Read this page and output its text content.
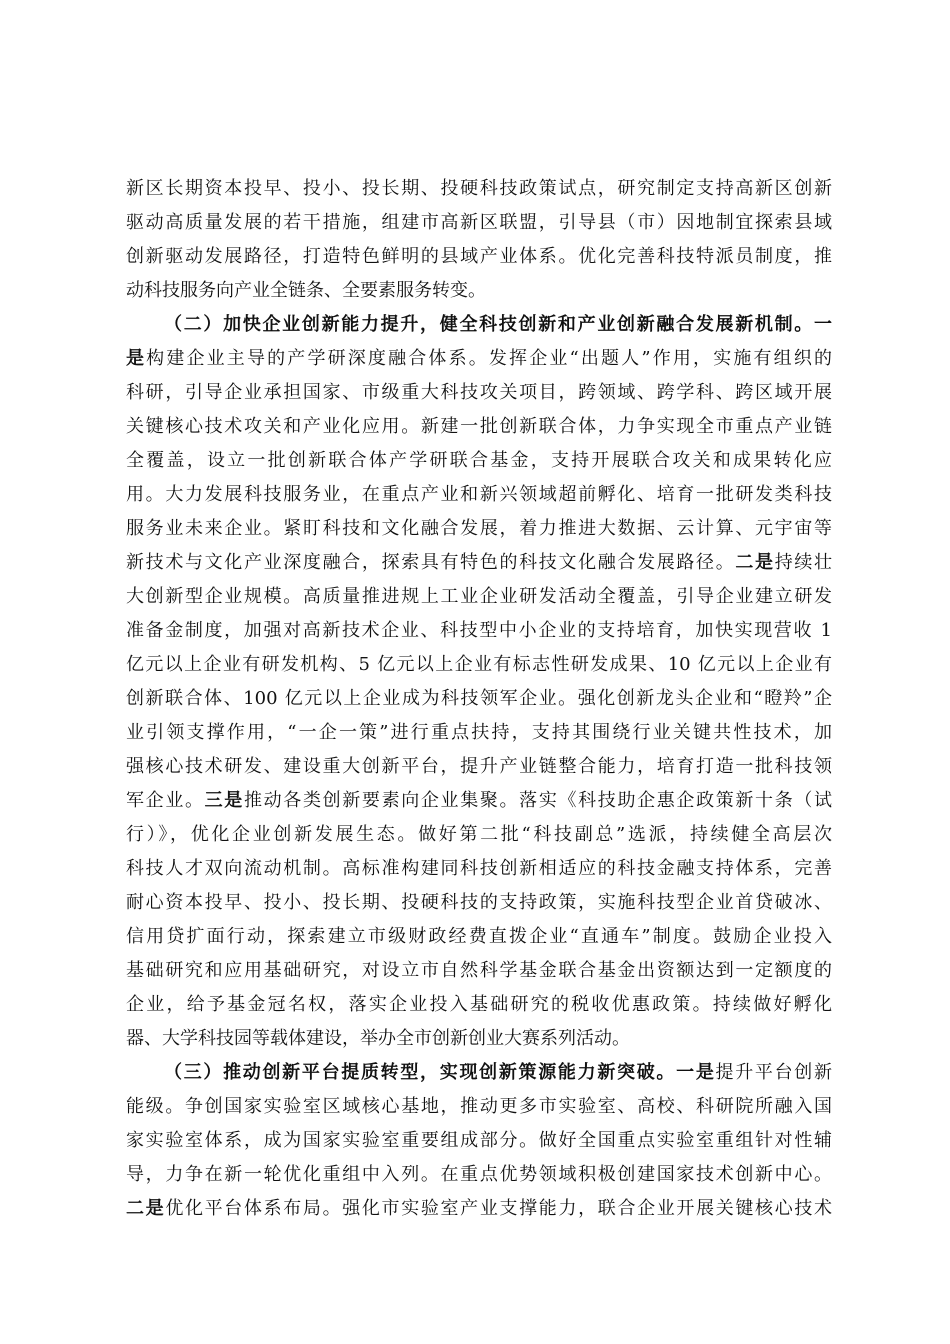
新区长期资本投早、投小、投长期、投硬科技政策试点，研究制定支持高新区创新
驱动高质量发展的若干措施，组建市高新区联盟，引导县（市）因地制宜探索县域
创新驱动发展路径，打造特色鲜明的县域产业体系。优化完善科技特派员制度，推
动科技服务向产业全链条、全要素服务转变。
（二）加快企业创新能力提升，健全科技创新和产业创新融合发展新机制。一
是构建企业主导的产学研深度融合体系。发挥企业“出题人”作用，实施有组织的
科研，引导企业承担国家、市级重大科技攻关项目，跨领域、跨学科、跨区域开展
关键核心技术攻关和产业化应用。新建一批创新联合体，力争实现全市重点产业链
全覆盖，设立一批创新联合体产学研联合基金，支持开展联合攻关和成果转化应
用。大力发展科技服务业，在重点产业和新兴领域超前孵化、培育一批研发类科技
服务业未来企业。紧盯科技和文化融合发展，着力推进大数据、云计算、元宇宙等
新技术与文化产业深度融合，探索具有特色的科技文化融合发展路径。二是持续壮
大创新型企业规模。高质量推进规上工业企业研发活动全覆盖，引导企业建立研发
准备金制度，加强对高新技术企业、科技型中小企业的支持培育，加快实现营收 1
亿元以上企业有研发机构、5 亿元以上企业有标志性研发成果、10 亿元以上企业有
创新联合体、100 亿元以上企业成为科技领军企业。强化创新龙头企业和“瞪羚”企
业引领支撑作用，“一企一策”进行重点扶持，支持其围绕行业关键共性技术，加
强核心技术研发、建设重大创新平台，提升产业链整合能力，培育打造一批科技领
军企业。三是推动各类创新要素向企业集聚。落实《科技助企惠企政策新十条（试
行）》，优化企业创新发展生态。做好第二批“科技副总”选派，持续健全高层次
科技人才双向流动机制。高标准构建同科技创新相适应的科技金融支持体系，完善
耐心资本投早、投小、投长期、投硬科技的支持政策，实施科技型企业首贷破冰、
信用贷扩面行动，探索建立市级财政经费直拨企业“直通车”制度。鼓励企业投入
基础研究和应用基础研究，对设立市自然科学基金联合基金出资额达到一定额度的
企业，给予基金冠名权，落实企业投入基础研究的税收优惠政策。持续做好孵化
器、大学科技园等载体建设，举办全市创新创业大赛系列活动。
（三）推动创新平台提质转型，实现创新策源能力新突破。一是提升平台创新
能级。争创国家实验室区域核心基地，推动更多市实验室、高校、科研院所融入国
家实验室体系，成为国家实验室重要组成部分。做好全国重点实验室重组针对性辅
导，力争在新一轮优化重组中入列。在重点优势领域积极创建国家技术创新中心。
二是优化平台体系布局。强化市实验室产业支撑能力，联合企业开展关键核心技术
